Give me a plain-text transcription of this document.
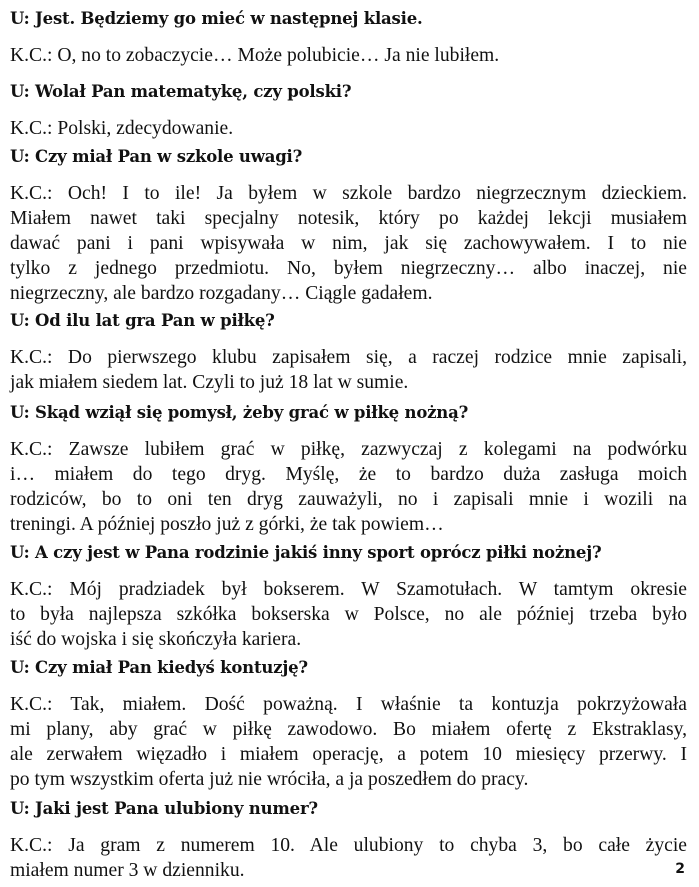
U: Jest. Będziemy go mieć w następnej klasie.

K.C.: O, no to zobaczycie… Może polubicie… Ja nie lubiłem.

U: Wolał Pan matematykę, czy polski?

K.C.: Polski, zdecydowanie.

U: Czy miał Pan w szkole uwagi?

K.C.: Och! I to ile! Ja byłem w szkole bardzo niegrzecznym dzieckiem.
Miałem nawet taki specjalny notesik, który po każdej lekcji musiałem
dawać pani i pani wpisywała w nim, jak się zachowywałem. I to nie
tylko z jednego przedmiotu. No, byłem niegrzeczny… albo inaczej, nie
niegrzeczny, ale bardzo rozgadany… Ciągle gadałem.

U: Od ilu lat gra Pan w piłkę?

K.C.: Do pierwszego klubu zapisałem się, a raczej rodzice mnie zapisali,
jak miałem siedem lat. Czyli to już 18 lat w sumie.

U: Skąd wziął się pomysł, żeby grać w piłkę nożną?

K.C.: Zawsze lubiłem grać w piłkę, zazwyczaj z kolegami na podwórku
i… miałem do tego dryg. Myślę, że to bardzo duża zasługa moich
rodziców, bo to oni ten dryg zauważyli, no i zapisali mnie i wozili na
treningi. A później poszło już z górki, że tak powiem…

U: A czy jest w Pana rodzinie jakiś inny sport oprócz piłki nożnej?

K.C.: Mój pradziadek był bokserem. W Szamotułach. W tamtym okresie
to była najlepsza szkółka bokserska w Polsce, no ale później trzeba było
iść do wojska i się skończyła kariera.

U: Czy miał Pan kiedyś kontuzję?

K.C.: Tak, miałem. Dość poważną. I właśnie ta kontuzja pokrzyżowała
mi plany, aby grać w piłkę zawodowo. Bo miałem ofertę z Ekstraklasy,
ale zerwałem więzadło i miałem operację, a potem 10 miesięcy przerwy. I
po tym wszystkim oferta już nie wróciła, a ja poszedłem do pracy.

U: Jaki jest Pana ulubiony numer?

K.C.: Ja gram z numerem 10. Ale ulubiony to chyba 3, bo całe życie
miałem numer 3 w dzienniku.	2
